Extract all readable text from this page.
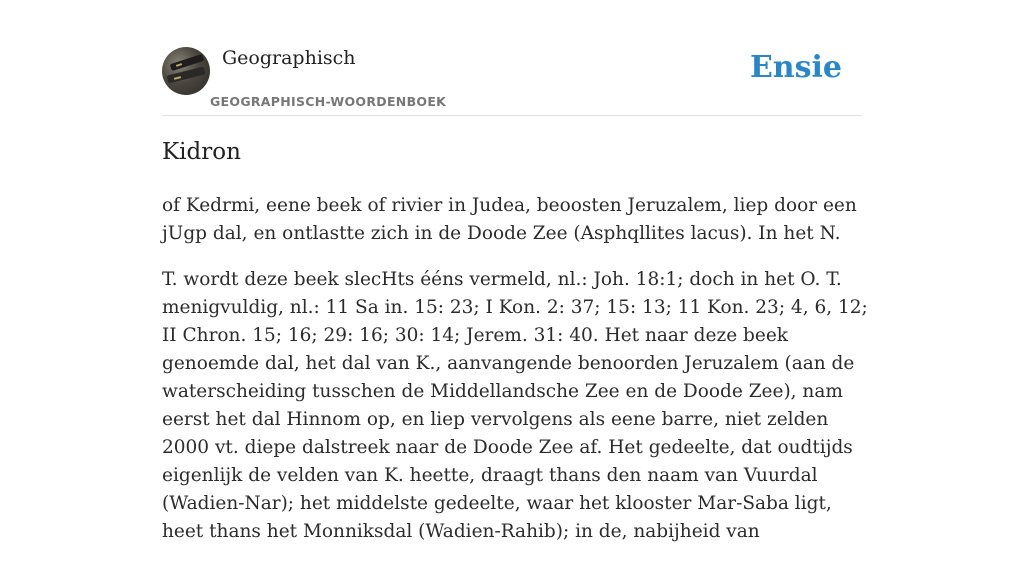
Geographisch
GEOGRAPHISCH-WOORDENBOEK
Ensie
Kidron

of Kedrmi, eene beek of rivier in Judea, beoosten Jeruzalem, liep door een jUgp dal, en ontlastte zich in de Doode Zee (Asphqllites lacus). In het N.

T. wordt deze beek slecHts ééns vermeld, nl.: Joh. 18:1; doch in het O. T. menigvuldig, nl.: 11 Sa in. 15: 23; I Kon. 2: 37; 15: 13; 11 Kon. 23; 4, 6, 12; II Chron. 15; 16; 29: 16; 30: 14; Jerem. 31: 40. Het naar deze beek genoemde dal, het dal van K., aanvangende benoorden Jeruzalem (aan de waterscheiding tusschen de Middellandsche Zee en de Doode Zee), nam eerst het dal Hinnom op, en liep vervolgens als eene barre, niet zelden 2000 vt. diepe dalstreek naar de Doode Zee af. Het gedeelte, dat oudtijds eigenlijk de velden van K. heette, draagt thans den naam van Vuurdal (Wadien-Nar); het middelste gedeelte, waar het klooster Mar-Saba ligt, heet thans het Monniksdal (Wadien-Rahib); in de, nabijheid van
